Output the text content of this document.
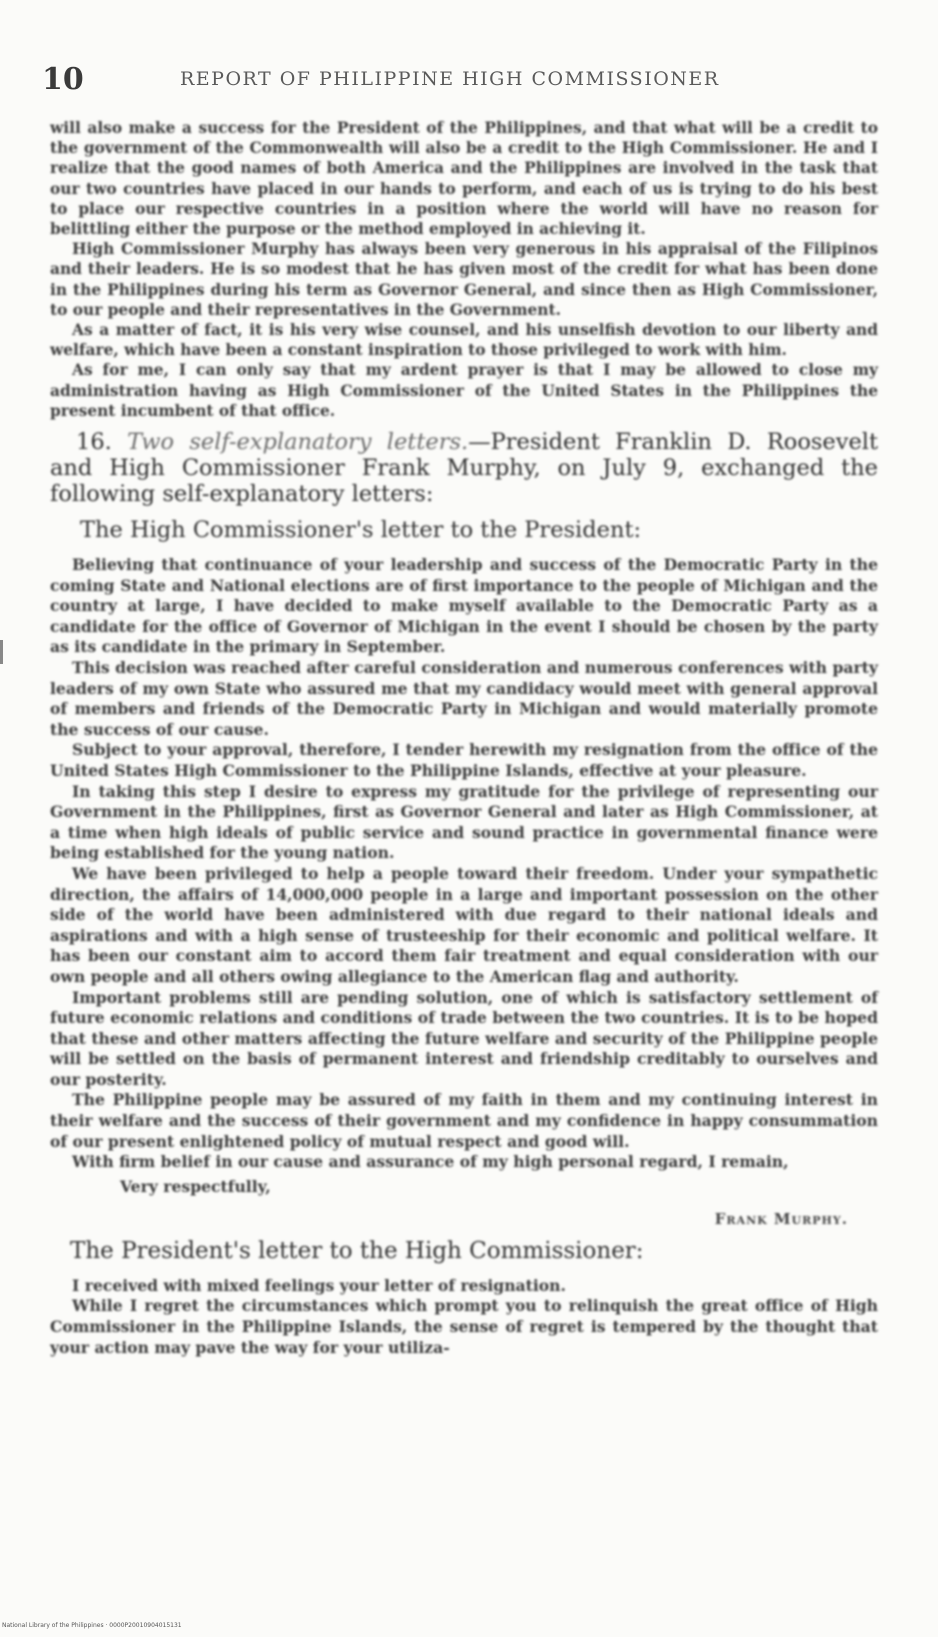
10	REPORT OF PHILIPPINE HIGH COMMISSIONER

will also make a success for the President of the Philippines, and that what will be a credit to the government of the Commonwealth will also be a credit to the High Commissioner. He and I realize that the good names of both America and the Philippines are involved in the task that our two countries have placed in our hands to perform, and each of us is trying to do his best to place our respective countries in a position where the world will have no reason for belittling either the purpose or the method employed in achieving it.

High Commissioner Murphy has always been very generous in his appraisal of the Filipinos and their leaders. He is so modest that he has given most of the credit for what has been done in the Philippines during his term as Governor General, and since then as High Commissioner, to our people and their representatives in the Government.

As a matter of fact, it is his very wise counsel, and his unselfish devotion to our liberty and welfare, which have been a constant inspiration to those privileged to work with him.

As for me, I can only say that my ardent prayer is that I may be allowed to close my administration having as High Commissioner of the United States in the Philippines the present incumbent of that office.

16. Two self-explanatory letters.—President Franklin D. Roosevelt and High Commissioner Frank Murphy, on July 9, exchanged the following self-explanatory letters:

The High Commissioner's letter to the President:

Believing that continuance of your leadership and success of the Democratic Party in the coming State and National elections are of first importance to the people of Michigan and the country at large, I have decided to make myself available to the Democratic Party as a candidate for the office of Governor of Michigan in the event I should be chosen by the party as its candidate in the primary in September.

This decision was reached after careful consideration and numerous conferences with party leaders of my own State who assured me that my candidacy would meet with general approval of members and friends of the Democratic Party in Michigan and would materially promote the success of our cause.

Subject to your approval, therefore, I tender herewith my resignation from the office of the United States High Commissioner to the Philippine Islands, effective at your pleasure.

In taking this step I desire to express my gratitude for the privilege of representing our Government in the Philippines, first as Governor General and later as High Commissioner, at a time when high ideals of public service and sound practice in governmental finance were being established for the young nation.

We have been privileged to help a people toward their freedom. Under your sympathetic direction, the affairs of 14,000,000 people in a large and important possession on the other side of the world have been administered with due regard to their national ideals and aspirations and with a high sense of trusteeship for their economic and political welfare. It has been our constant aim to accord them fair treatment and equal consideration with our own people and all others owing allegiance to the American flag and authority.

Important problems still are pending solution, one of which is satisfactory settlement of future economic relations and conditions of trade between the two countries. It is to be hoped that these and other matters affecting the future welfare and security of the Philippine people will be settled on the basis of permanent interest and friendship creditably to ourselves and our posterity.

The Philippine people may be assured of my faith in them and my continuing interest in their welfare and the success of their government and my confidence in happy consummation of our present enlightened policy of mutual respect and good will.

With firm belief in our cause and assurance of my high personal regard, I remain,

Very respectfully,
Frank Murphy.
The President's letter to the High Commissioner:

I received with mixed feelings your letter of resignation.

While I regret the circumstances which prompt you to relinquish the great office of High Commissioner in the Philippine Islands, the sense of regret is tempered by the thought that your action may pave the way for your utiliza-

National Library of the Philippines · 0000P20010904015131
